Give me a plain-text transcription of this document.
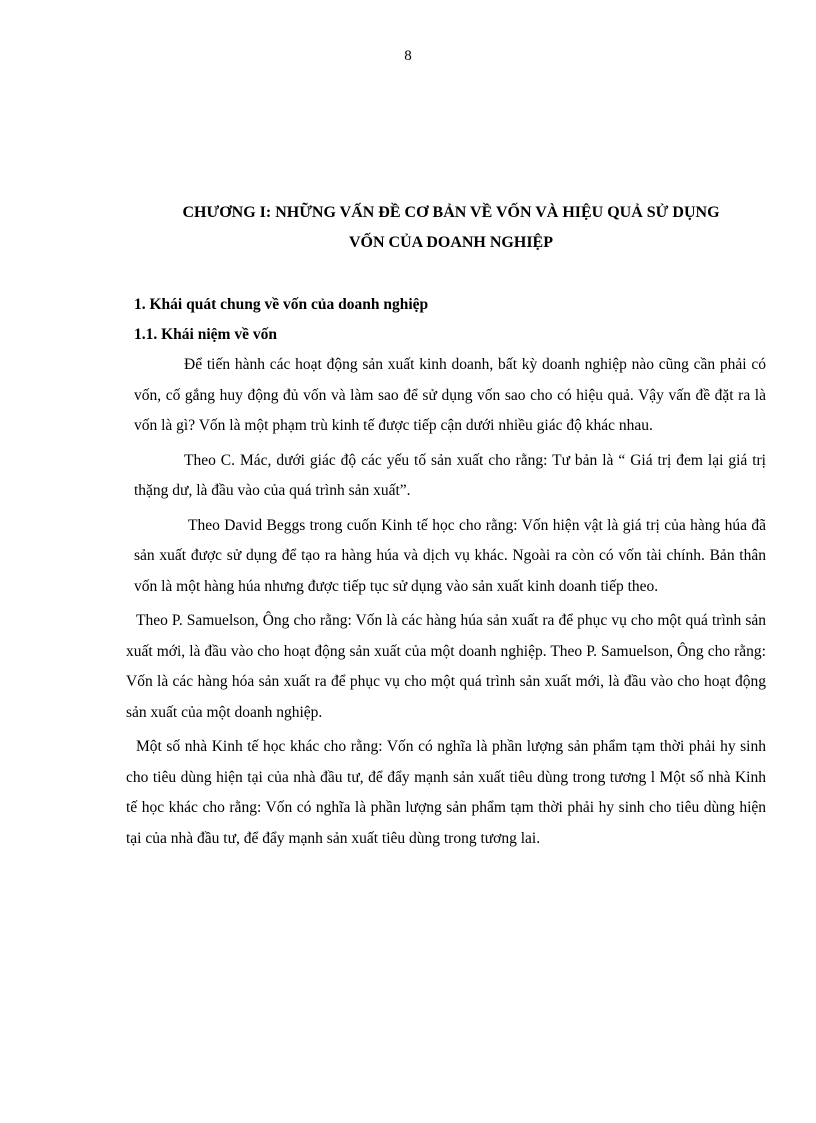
8
CHƯƠNG I: NHỮNG VẤN ĐỀ CƠ BẢN VỀ VỐN VÀ HIỆU QUẢ SỬ DỤNG
VỐN CỦA DOANH NGHIỆP

1. Khái quát chung về vốn của doanh nghiệp

1.1. Khái niệm về vốn

Để tiến hành các hoạt động sản xuất kinh doanh, bất kỳ doanh nghiệp nào cũng cần phải có vốn, cố gắng huy động đủ vốn và làm sao để sử dụng vốn sao cho có hiệu quả. Vậy vấn đề đặt ra là vốn là gì? Vốn là một phạm trù kinh tế được tiếp cận dưới nhiều giác độ khác nhau.

Theo C. Mác, dưới giác độ các yếu tố sản xuất cho rằng: Tư bản là “ Giá trị đem lại giá trị thặng dư, là đầu vào của quá trình sản xuất”.

Theo David Beggs trong cuốn Kinh tế học cho rằng: Vốn hiện vật là giá trị của hàng húa đã sản xuất được sử dụng để tạo ra hàng húa và dịch vụ khác. Ngoài ra còn có vốn tài chính. Bản thân vốn là một hàng húa nhưng được tiếp tục sử dụng vào sản xuất kinh doanh tiếp theo.

Theo P. Samuelson, Ông cho rằng: Vốn là các hàng húa sản xuất ra để phục vụ cho một quá trình sản xuất mới, là đầu vào cho hoạt động sản xuất của một doanh nghiệp. Theo P. Samuelson, Ông cho rằng: Vốn là các hàng hóa sản xuất ra để phục vụ cho một quá trình sản xuất mới, là đầu vào cho hoạt động sản xuất của một doanh nghiệp.

Một số nhà Kinh tế học khác cho rằng: Vốn có nghĩa là phần lượng sản phẩm tạm thời phải hy sinh cho tiêu dùng hiện tại của nhà đầu tư, để đẩy mạnh sản xuất tiêu dùng trong tương l Một số nhà Kinh tế học khác cho rằng: Vốn có nghĩa là phần lượng sản phẩm tạm thời phải hy sinh cho tiêu dùng hiện tại của nhà đầu tư, để đẩy mạnh sản xuất tiêu dùng trong tương lai.
